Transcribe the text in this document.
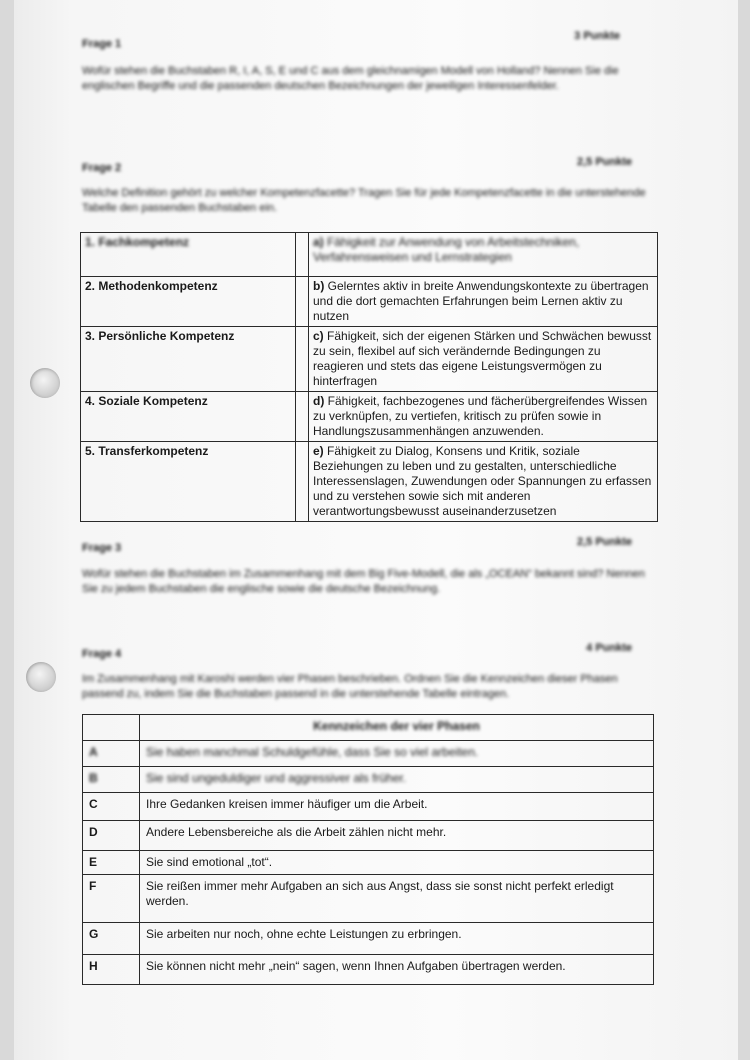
Frage 1
3 Punkte
Wofür stehen die Buchstaben R, I, A, S, E und C aus dem gleichnamigen Modell von Holland? Nennen Sie die englischen Begriffe und die passenden deutschen Bezeichnungen der jeweiligen Interessenfelder.
Frage 2	2,5 Punkte
Welche Definition gehört zu welcher Kompetenzfacette? Tragen Sie für jede Kompetenzfacette in die unterstehende Tabelle den passenden Buchstaben ein.
1. Fachkompetenz		a) Fähigkeit zur Anwendung von Arbeitstechniken, Verfahrensweisen und Lernstrategien
2. Methodenkompetenz		b) Gelerntes aktiv in breite Anwendungskontexte zu übertragen und die dort gemachten Erfahrungen beim Lernen aktiv zu nutzen
3. Persönliche Kompetenz		c) Fähigkeit, sich der eigenen Stärken und Schwächen bewusst zu sein, flexibel auf sich verändernde Bedingungen zu reagieren und stets das eigene Leistungsvermögen zu hinterfragen
4. Soziale Kompetenz		d) Fähigkeit, fachbezogenes und fächerübergreifendes Wissen zu verknüpfen, zu vertiefen, kritisch zu prüfen sowie in Handlungszusammenhängen anzuwenden.
5. Transferkompetenz		e) Fähigkeit zu Dialog, Konsens und Kritik, soziale Beziehungen zu leben und zu gestalten, unterschiedliche Interessenslagen, Zuwendungen oder Spannungen zu erfassen und zu verstehen sowie sich mit anderen verantwortungsbewusst auseinanderzusetzen
Frage 3	2,5 Punkte
Wofür stehen die Buchstaben im Zusammenhang mit dem Big Five-Modell, die als „OCEAN“ bekannt sind? Nennen Sie zu jedem Buchstaben die englische sowie die deutsche Bezeichnung.
Frage 4	4 Punkte
Im Zusammenhang mit Karoshi werden vier Phasen beschrieben. Ordnen Sie die Kennzeichen dieser Phasen passend zu, indem Sie die Buchstaben passend in die unterstehende Tabelle eintragen.
	Kennzeichen der vier Phasen
A	Sie haben manchmal Schuldgefühle, dass Sie so viel arbeiten.
B	Sie sind ungeduldiger und aggressiver als früher.
C	Ihre Gedanken kreisen immer häufiger um die Arbeit.
D	Andere Lebensbereiche als die Arbeit zählen nicht mehr.
E	Sie sind emotional „tot“.
F	Sie reißen immer mehr Aufgaben an sich aus Angst, dass sie sonst nicht perfekt erledigt werden.
G	Sie arbeiten nur noch, ohne echte Leistungen zu erbringen.
H	Sie können nicht mehr „nein“ sagen, wenn Ihnen Aufgaben übertragen werden.
